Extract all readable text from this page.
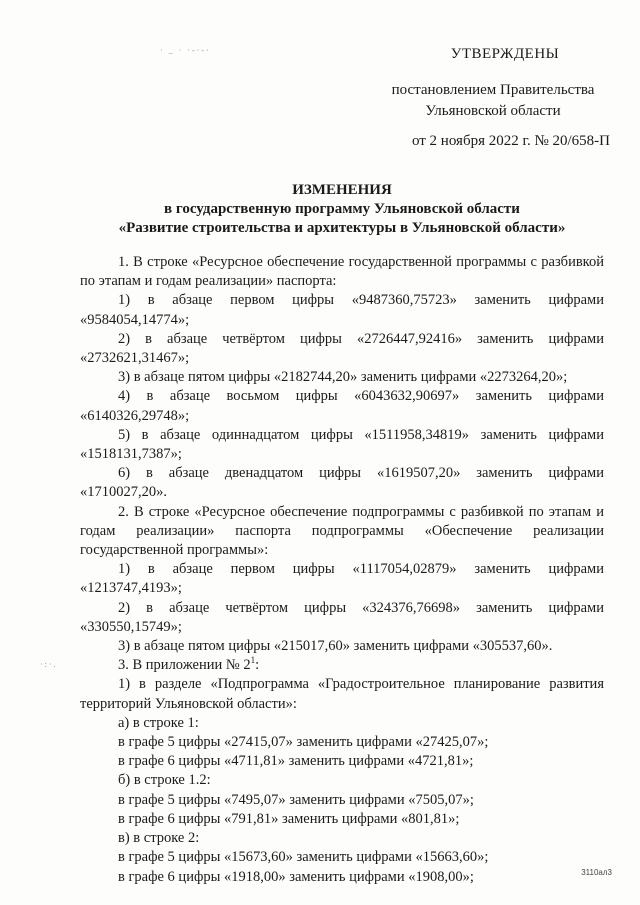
· _ · ·-·-·
·:·.
УТВЕРЖДЕНЫ
постановлением Правительства
Ульяновской области
от 2 ноября 2022 г. № 20/658-П
ИЗМЕНЕНИЯ
в государственную программу Ульяновской области
«Развитие строительства и архитектуры в Ульяновской области»
1. В строке «Ресурсное обеспечение государственной программы с разбивкой по этапам и годам реализации» паспорта:
1) в абзаце первом цифры «9487360,75723» заменить цифрами «9584054,14774»;
2) в абзаце четвёртом цифры «2726447,92416» заменить цифрами «2732621,31467»;
3) в абзаце пятом цифры «2182744,20» заменить цифрами «2273264,20»;
4) в абзаце восьмом цифры «6043632,90697» заменить цифрами «6140326,29748»;
5) в абзаце одиннадцатом цифры «1511958,34819» заменить цифрами «1518131,7387»;
6) в абзаце двенадцатом цифры «1619507,20» заменить цифрами «1710027,20».
2. В строке «Ресурсное обеспечение подпрограммы с разбивкой по этапам и годам реализации» паспорта подпрограммы «Обеспечение реализации государственной программы»:
1) в абзаце первом цифры «1117054,02879» заменить цифрами «1213747,4193»;
2) в абзаце четвёртом цифры «324376,76698» заменить цифрами «330550,15749»;
3) в абзаце пятом цифры «215017,60» заменить цифрами «305537,60».
3. В приложении № $2^1$:
1) в разделе «Подпрограмма «Градостроительное планирование развития территорий Ульяновской области»:
а) в строке 1:
в графе 5 цифры «27415,07» заменить цифрами «27425,07»;
в графе 6 цифры «4711,81» заменить цифрами «4721,81»;
б) в строке 1.2:
в графе 5 цифры «7495,07» заменить цифрами «7505,07»;
в графе 6 цифры «791,81» заменить цифрами «801,81»;
в) в строке 2:
в графе 5 цифры «15673,60» заменить цифрами «15663,60»;
в графе 6 цифры «1918,00» заменить цифрами «1908,00»;	3110ал3
